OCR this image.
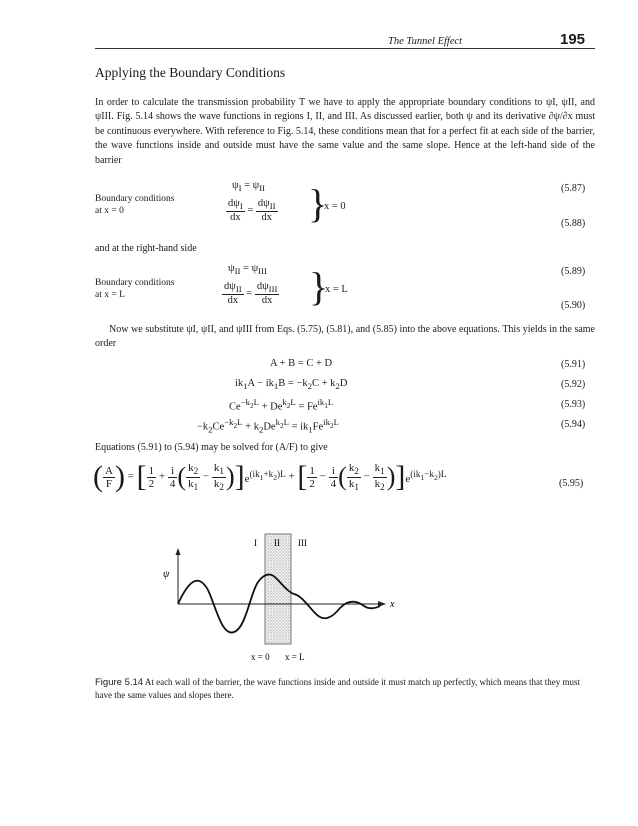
The Tunnel Effect	195
Applying the Boundary Conditions
In order to calculate the transmission probability T we have to apply the appropriate boundary conditions to ψI, ψII, and ψIII. Fig. 5.14 shows the wave functions in regions I, II, and III. As discussed earlier, both ψ and its derivative ∂ψ/∂x must be continuous everywhere. With reference to Fig. 5.14, these conditions mean that for a perfect fit at each side of the barrier, the wave functions inside and outside must have the same value and the same slope. Hence at the left-hand side of the barrier
Boundary conditions
at x = 0
$\psi_I = \psi_{II}$
$\frac{d\psi_I}{dx} = \frac{d\psi_{II}}{dx}$ }
x = 0
(5.87)
(5.88)
and at the right-hand side
Boundary conditions
at x = L
$\psi_{II} = \psi_{III}$
$\frac{d\psi_{II}}{dx} = \frac{d\psi_{III}}{dx}$ }
x = L
(5.89)
(5.90)
Now we substitute ψI, ψII, and ψIII from Eqs. (5.75), (5.81), and (5.85) into the above equations. This yields in the same order
A + B = C + D	(5.91)
$ik_1A - ik_1B = -k_2C + k_2D$	(5.92)
$Ce^{-k_2L} + De^{k_2L} = Fe^{ik_1L}$	(5.93)
$-k_2Ce^{-k_2L} + k_2De^{k_2L} = ik_1Fe^{ik_2L}$	(5.94)
Equations (5.91) to (5.94) may be solved for (A/F) to give
( $\frac{A}{F}$ ) = [ $\frac{1}{2} + \frac{i}{4}$ ( $\frac{k_2}{k_1} - \frac{k_1}{k_2} )]e^{(ik_1+k_2)L}$ + [ $\frac{1}{2} - \frac{i}{4}$ ( $\frac{k_2}{k_1} - \frac{k_1}{k_2} )]e^{(ik_1-k_2)L}$
(5.95)
I II III
ψ
x
x = 0 x = L
Figure 5.14 At each wall of the barrier, the wave functions inside and outside it must match up perfectly, which means that they must have the same values and slopes there.
